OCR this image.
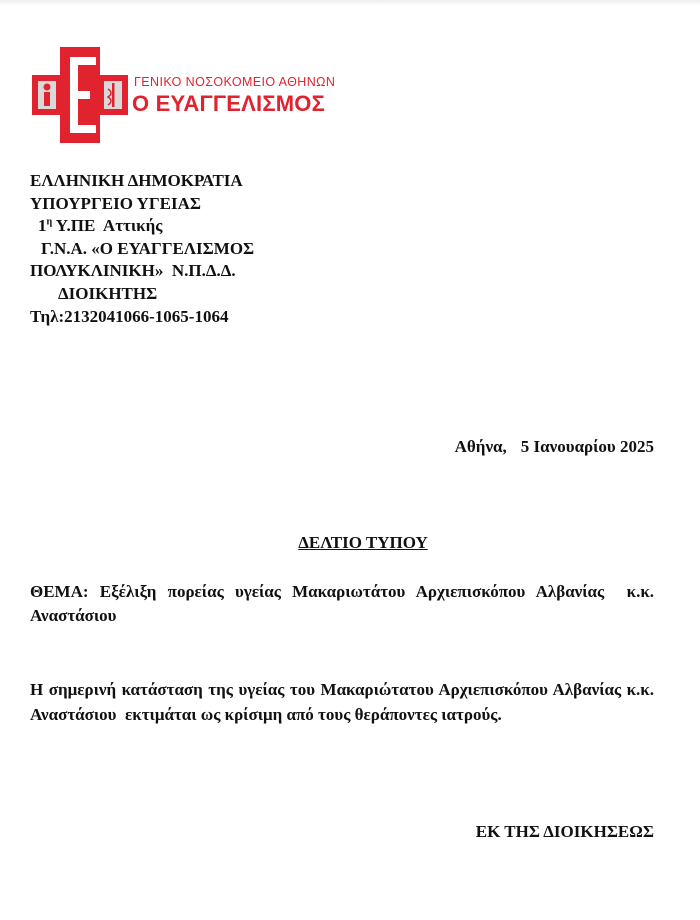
ΓΕΝΙΚΟ ΝΟΣΟΚΟΜΕΙΟ ΑΘΗΝΩΝ
Ο ΕΥΑΓΓΕΛΙΣΜΟΣ
ΕΛΛΗΝΙΚΗ ΔΗΜΟΚΡΑΤΙΑ
ΥΠΟΥΡΓΕΙΟ ΥΓΕΙΑΣ
$1^\eta$ Υ.ΠΕ  Αττικής
Γ.Ν.Α. «Ο ΕΥΑΓΓΕΛΙΣΜΟΣ
ΠΟΛΥΚΛΙΝΙΚΗ»  Ν.Π.Δ.Δ.
ΔΙΟΙΚΗΤΗΣ
Τηλ:2132041066-1065-1064
Αθήνα, 5 Ιανουαρίου 2025
ΔΕΛΤΙΟ ΤΥΠΟΥ
ΘΕΜΑ: Εξέλιξη πορείας υγείας Μακαριωτάτου Αρχιεπισκόπου Αλβανίας  κ.κ. Αναστάσιου
Η σημερινή κατάσταση της υγείας του Μακαριώτατου Αρχιεπισκόπου Αλβανίας κ.κ. Αναστάσιου  εκτιμάται ως κρίσιμη από τους θεράποντες ιατρούς.
ΕΚ ΤΗΣ ΔΙΟΙΚΗΣΕΩΣ
